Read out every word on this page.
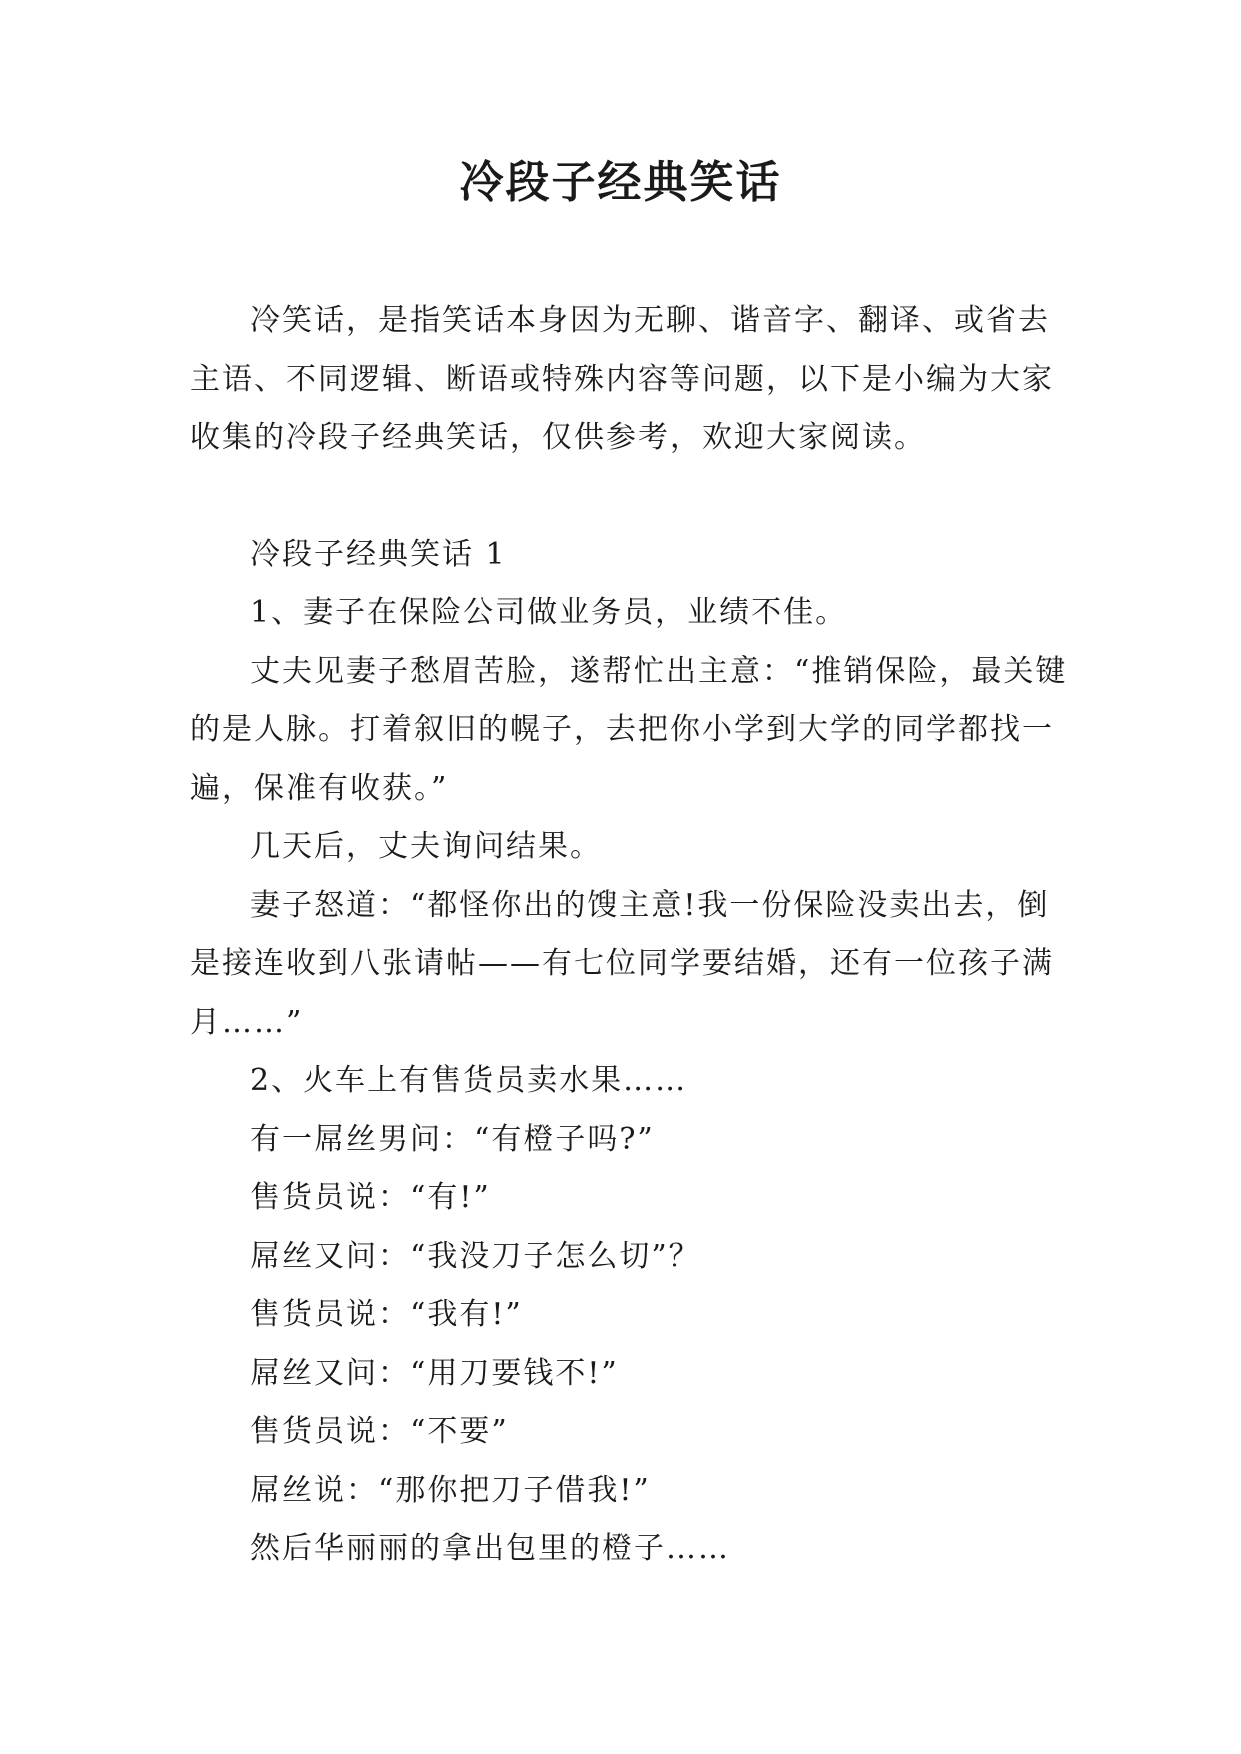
冷段子经典笑话

冷笑话，是指笑话本身因为无聊、谐音字、翻译、或省去主语、不同逻辑、断语或特殊内容等问题，以下是小编为大家收集的冷段子经典笑话，仅供参考，欢迎大家阅读。

冷段子经典笑话 1

1、妻子在保险公司做业务员，业绩不佳。

丈夫见妻子愁眉苦脸，遂帮忙出主意：“推销保险，最关键的是人脉。打着叙旧的幌子，去把你小学到大学的同学都找一遍，保准有收获。”

几天后，丈夫询问结果。

妻子怒道：“都怪你出的馊主意!我一份保险没卖出去，倒是接连收到八张请帖——有七位同学要结婚，还有一位孩子满月……”

2、火车上有售货员卖水果……

有一屌丝男问：“有橙子吗?”

售货员说：“有!”

屌丝又问：“我没刀子怎么切”？

售货员说：“我有!”

屌丝又问：“用刀要钱不!”

售货员说：“不要”

屌丝说：“那你把刀子借我!”

然后华丽丽的拿出包里的橙子……
